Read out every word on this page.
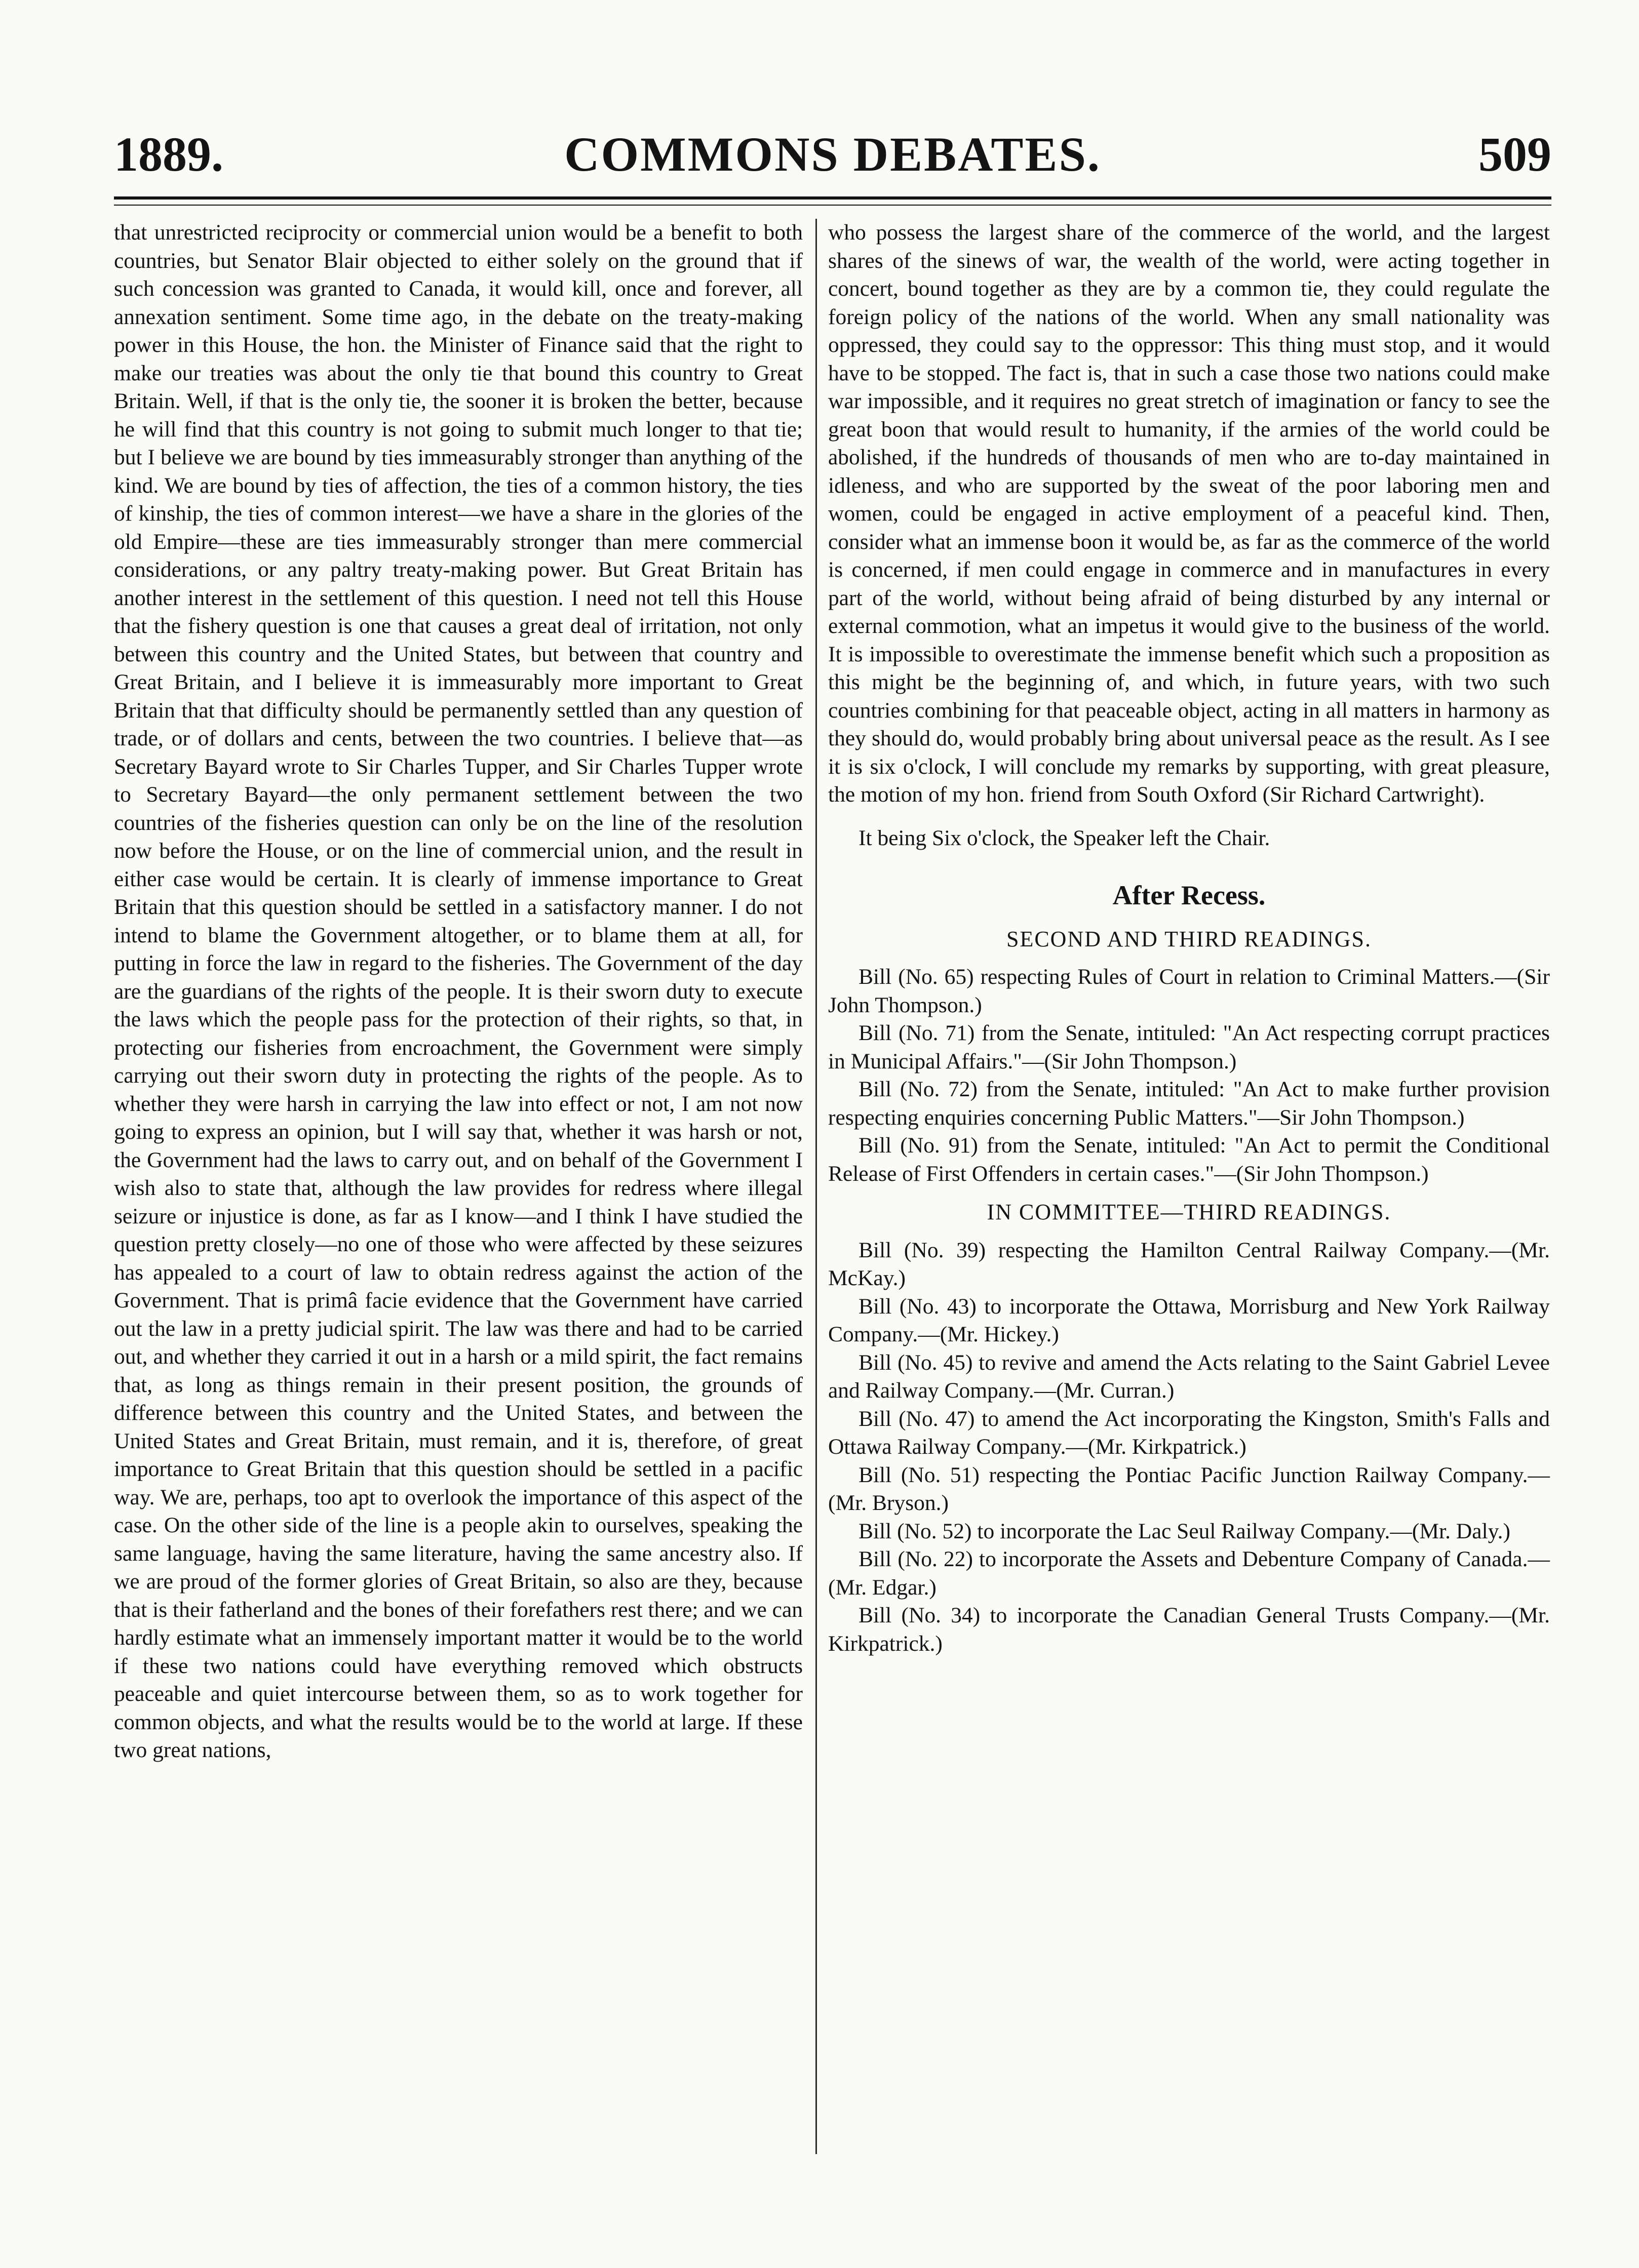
1889.	COMMONS DEBATES.	509

that unrestricted reciprocity or commercial union would be a benefit to both countries, but Senator Blair objected to either solely on the ground that if such concession was granted to Canada, it would kill, once and forever, all annexation sentiment. Some time ago, in the debate on the treaty-making power in this House, the hon. the Minister of Finance said that the right to make our treaties was about the only tie that bound this country to Great Britain. Well, if that is the only tie, the sooner it is broken the better, because he will find that this country is not going to submit much longer to that tie; but I believe we are bound by ties immeasurably stronger than anything of the kind. We are bound by ties of affection, the ties of a common history, the ties of kinship, the ties of common interest—we have a share in the glories of the old Empire—these are ties immeasurably stronger than mere commercial considerations, or any paltry treaty-making power. But Great Britain has another interest in the settlement of this question. I need not tell this House that the fishery question is one that causes a great deal of irritation, not only between this country and the United States, but between that country and Great Britain, and I believe it is immeasurably more important to Great Britain that that difficulty should be permanently settled than any question of trade, or of dollars and cents, between the two countries. I believe that—as Secretary Bayard wrote to Sir Charles Tupper, and Sir Charles Tupper wrote to Secretary Bayard—the only permanent settlement between the two countries of the fisheries question can only be on the line of the resolution now before the House, or on the line of commercial union, and the result in either case would be certain. It is clearly of immense importance to Great Britain that this question should be settled in a satisfactory manner. I do not intend to blame the Government altogether, or to blame them at all, for putting in force the law in regard to the fisheries. The Government of the day are the guardians of the rights of the people. It is their sworn duty to execute the laws which the people pass for the protection of their rights, so that, in protecting our fisheries from encroachment, the Government were simply carrying out their sworn duty in protecting the rights of the people. As to whether they were harsh in carrying the law into effect or not, I am not now going to express an opinion, but I will say that, whether it was harsh or not, the Government had the laws to carry out, and on behalf of the Government I wish also to state that, although the law provides for redress where illegal seizure or injustice is done, as far as I know—and I think I have studied the question pretty closely—no one of those who were affected by these seizures has appealed to a court of law to obtain redress against the action of the Government. That is primâ facie evidence that the Government have carried out the law in a pretty judicial spirit. The law was there and had to be carried out, and whether they carried it out in a harsh or a mild spirit, the fact remains that, as long as things remain in their present position, the grounds of difference between this country and the United States, and between the United States and Great Britain, must remain, and it is, therefore, of great importance to Great Britain that this question should be settled in a pacific way. We are, perhaps, too apt to overlook the importance of this aspect of the case. On the other side of the line is a people akin to ourselves, speaking the same language, having the same literature, having the same ancestry also. If we are proud of the former glories of Great Britain, so also are they, because that is their fatherland and the bones of their forefathers rest there; and we can hardly estimate what an immensely important matter it would be to the world if these two nations could have everything removed which obstructs peaceable and quiet intercourse between them, so as to work together for common objects, and what the results would be to the world at large. If these two great nations,

who possess the largest share of the commerce of the world, and the largest shares of the sinews of war, the wealth of the world, were acting together in concert, bound together as they are by a common tie, they could regulate the foreign policy of the nations of the world. When any small nationality was oppressed, they could say to the oppressor: This thing must stop, and it would have to be stopped. The fact is, that in such a case those two nations could make war impossible, and it requires no great stretch of imagination or fancy to see the great boon that would result to humanity, if the armies of the world could be abolished, if the hundreds of thousands of men who are to-day maintained in idleness, and who are supported by the sweat of the poor laboring men and women, could be engaged in active employment of a peaceful kind. Then, consider what an immense boon it would be, as far as the commerce of the world is concerned, if men could engage in commerce and in manufactures in every part of the world, without being afraid of being disturbed by any internal or external commotion, what an impetus it would give to the business of the world. It is impossible to overestimate the immense benefit which such a proposition as this might be the beginning of, and which, in future years, with two such countries combining for that peaceable object, acting in all matters in harmony as they should do, would probably bring about universal peace as the result. As I see it is six o'clock, I will conclude my remarks by supporting, with great pleasure, the motion of my hon. friend from South Oxford (Sir Richard Cartwright).

It being Six o'clock, the Speaker left the Chair.

After Recess.
SECOND AND THIRD READINGS.

Bill (No. 65) respecting Rules of Court in relation to Criminal Matters.—(Sir John Thompson.)

Bill (No. 71) from the Senate, intituled: "An Act respecting corrupt practices in Municipal Affairs."—(Sir John Thompson.)

Bill (No. 72) from the Senate, intituled: "An Act to make further provision respecting enquiries concerning Public Matters."—Sir John Thompson.)

Bill (No. 91) from the Senate, intituled: "An Act to permit the Conditional Release of First Offenders in certain cases."—(Sir John Thompson.)

IN COMMITTEE—THIRD READINGS.

Bill (No. 39) respecting the Hamilton Central Railway Company.—(Mr. McKay.)

Bill (No. 43) to incorporate the Ottawa, Morrisburg and New York Railway Company.—(Mr. Hickey.)

Bill (No. 45) to revive and amend the Acts relating to the Saint Gabriel Levee and Railway Company.—(Mr. Curran.)

Bill (No. 47) to amend the Act incorporating the Kingston, Smith's Falls and Ottawa Railway Company.—(Mr. Kirkpatrick.)

Bill (No. 51) respecting the Pontiac Pacific Junction Railway Company.—(Mr. Bryson.)

Bill (No. 52) to incorporate the Lac Seul Railway Company.—(Mr. Daly.)

Bill (No. 22) to incorporate the Assets and Debenture Company of Canada.—(Mr. Edgar.)

Bill (No. 34) to incorporate the Canadian General Trusts Company.—(Mr. Kirkpatrick.)
